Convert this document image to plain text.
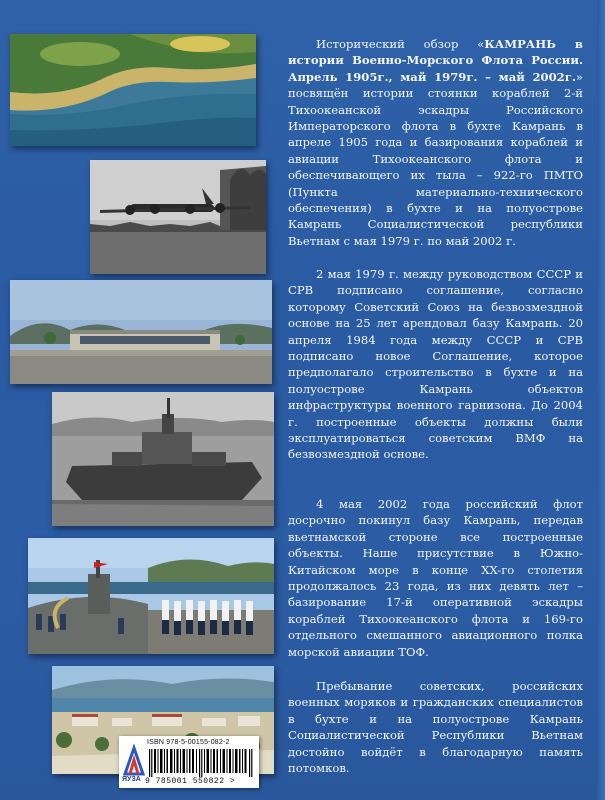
Исторический обзор «КАМРАНЬ в истории Военно-Морского Флота России. Апрель 1905г., май 1979г. – май 2002г.» посвящён истории стоянки кораблей 2-й Тихоокеанской эскадры Российского Императорского флота в бухте Камрань в апреле 1905 года и базирования кораблей и авиации Тихоокеанского флота и обеспечивающего их тыла – 922-го ПМТО (Пункта материально-технического обеспечения) в бухте и на полуострове Камрань Социалистической республики Вьетнам с мая 1979 г. по май 2002 г.

2 мая 1979 г. между руководством СССР и СРВ подписано соглашение, согласно которому Советский Союз на безвозмездной основе на 25 лет арендовал базу Камрань. 20 апреля 1984 года между СССР и СРВ подписано новое Соглашение, которое предполагало строительство в бухте и на полуострове Камрань объектов инфраструктуры военного гарнизона. До 2004 г. построенные объекты должны были эксплуатироваться советским ВМФ на безвозмездной основе.

4 мая 2002 года российский флот досрочно покинул базу Камрань, передав вьетнамской стороне все построенные объекты. Наше присутствие в Южно-Китайском море в конце XX-го столетия продолжалось 23 года, из них девять лет – базирование 17-й оперативной эскадры кораблей Тихоокеанского флота и 169-го отдельного смешанного авиационного полка морской авиации ТОФ.

Пребывание советских, российских военных моряков и гражданских специалистов в бухте и на полуострове Камрань Социалистической Республики Вьетнам достойно войдёт в благодарную память потомков.

ЯУЗА
ISBN 978-5-00155-082-2
9 785001 550822 >
